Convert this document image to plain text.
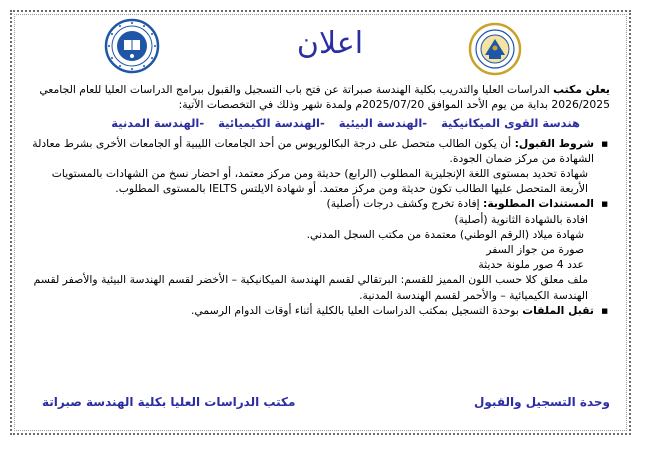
اعلان

يعلن مكتب الدراسات العليا والتدريب بكلية الهندسة صبراتة عن فتح باب التسجيل والقبول ببرامج الدراسات العليا للعام الجامعي 2026/2025 بداية من يوم الأحد الموافق 2025/07/20م ولمدة شهر وذلك في التخصصات الآتية:

هندسة القوى الميكانيكية -الهندسة البيئية -الهندسة الكيميائية -الهندسة المدنية
■ شروط القبول: أن يكون الطالب متحصل على درجة البكالوريوس من أحد الجامعات الليبية أو الجامعات الأخرى بشرط معادلة الشهادة من مركز ضمان الجودة.
شهادة تحديد بمستوى اللغة الإنجليزية المطلوب (الرابع) حديثة ومن مركز معتمد، أو احضار نسخ من الشهادات بالمستويات الأربعة المتحصل عليها الطالب تكون حديثة ومن مركز معتمد. أو شهادة الايلتس IELTS بالمستوى المطلوب.
■ المستندات المطلوبة: إفادة تخرج وكشف درجات (أصلية)
افادة بالشهادة الثانوية (أصلية)
شهادة ميلاد (الرقم الوطني) معتمدة من مكتب السجل المدني.
صورة من جواز السفر
عدد 4 صور ملونة حديثة
ملف معلق كلا حسب اللون المميز للقسم: البرتقالي لقسم الهندسة الميكانيكية – الأخضر لقسم الهندسة البيئية والأصفر لقسم الهندسة الكيميائية – والأحمر لقسم الهندسة المدنية.
■ تقبل الملفات بوحدة التسجيل بمكتب الدراسات العليا بالكلية أثناء أوقات الدوام الرسمي.
وحدة التسجيل والقبول
مكتب الدراسات العليا بكلية الهندسة صبراتة
